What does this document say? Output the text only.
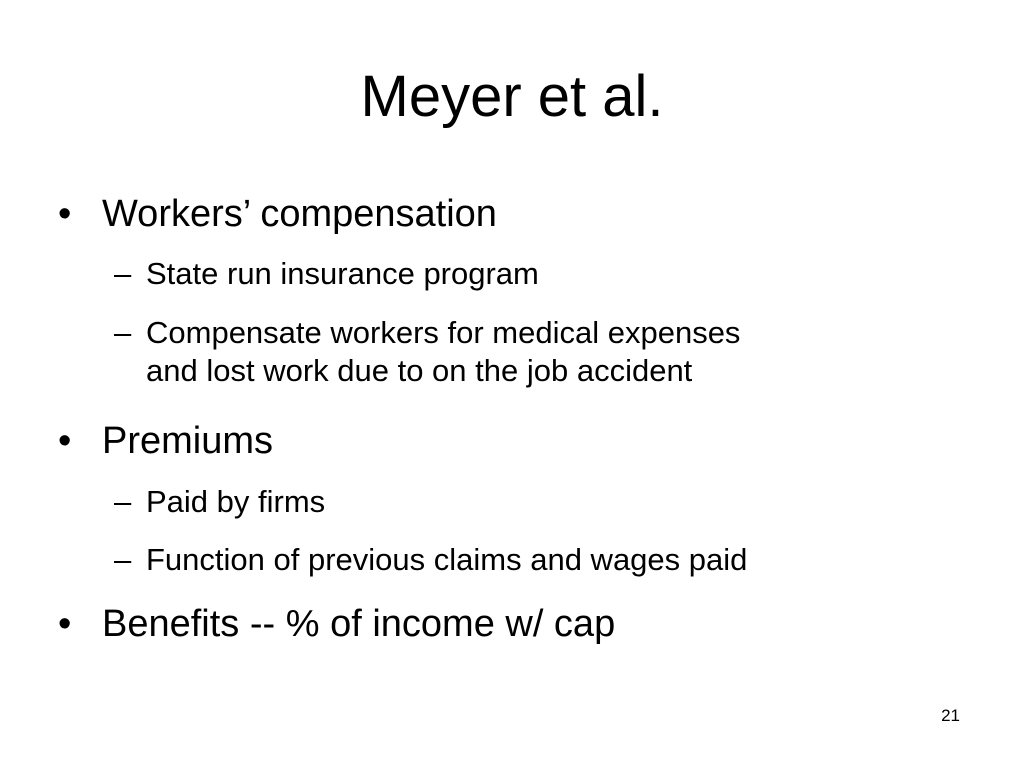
Meyer et al.
• Workers’ compensation
– State run insurance program
– Compensate workers for medical expenses
and lost work due to on the job accident
• Premiums
– Paid by firms
– Function of previous claims and wages paid
• Benefits -- % of income w/ cap
21
